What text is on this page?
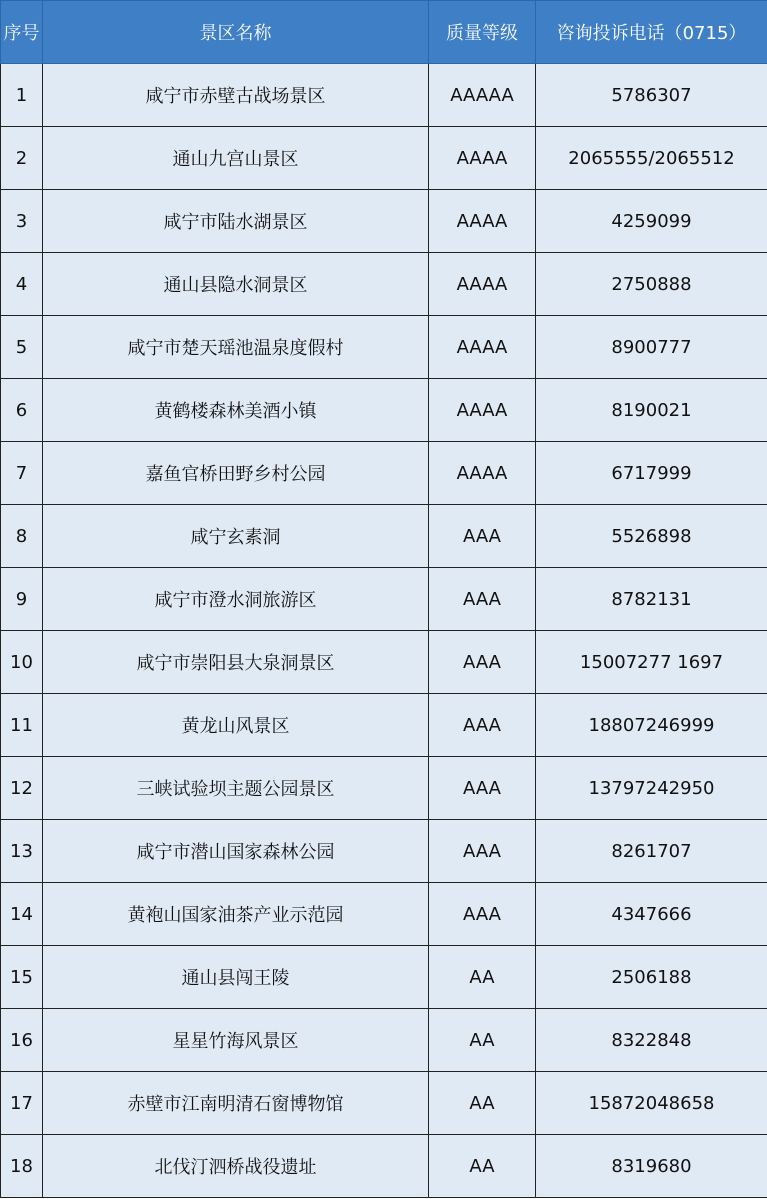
序号	景区名称	质量等级	咨询投诉电话（0715）
1	咸宁市赤壁古战场景区	AAAAA	5786307
2	通山九宫山景区	AAAA	2065555/2065512
3	咸宁市陆水湖景区	AAAA	4259099
4	通山县隐水洞景区	AAAA	2750888
5	咸宁市楚天瑶池温泉度假村	AAAA	8900777
6	黄鹤楼森林美酒小镇	AAAA	8190021
7	嘉鱼官桥田野乡村公园	AAAA	6717999
8	咸宁玄素洞	AAA	5526898
9	咸宁市澄水洞旅游区	AAA	8782131
10	咸宁市崇阳县大泉洞景区	AAA	15007277 1697
11	黄龙山风景区	AAA	18807246999
12	三峡试验坝主题公园景区	AAA	13797242950
13	咸宁市潜山国家森林公园	AAA	8261707
14	黄袍山国家油茶产业示范园	AAA	4347666
15	通山县闯王陵	AA	2506188
16	星星竹海风景区	AA	8322848
17	赤壁市江南明清石窗博物馆	AA	15872048658
18	北伐汀泗桥战役遗址	AA	8319680
